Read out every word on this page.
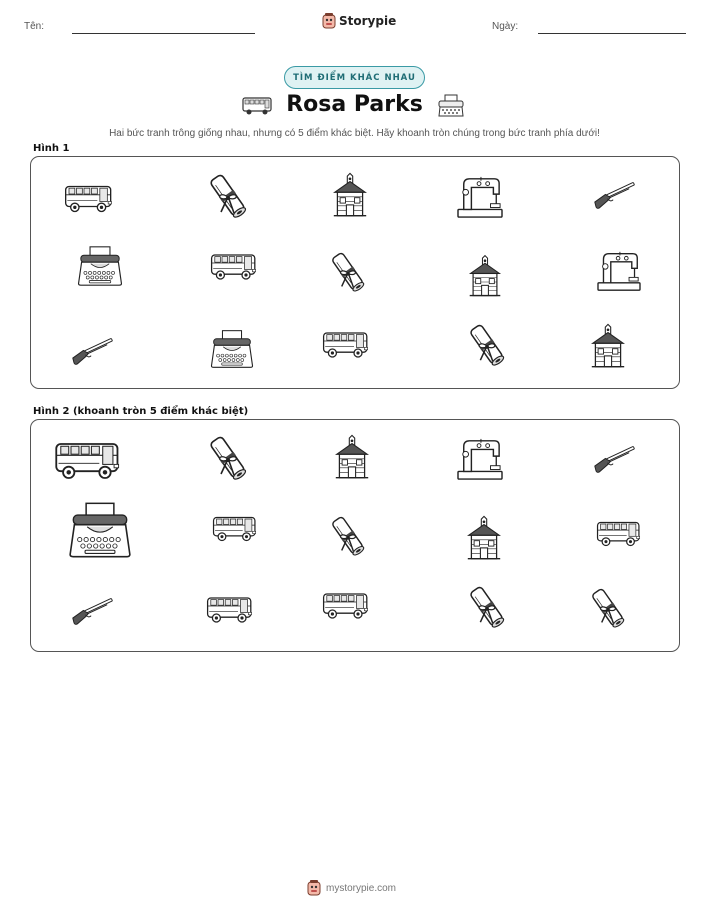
Tên:	Storypie	Ngày:
TÌM ĐIỂM KHÁC NHAU
Rosa Parks
Hai bức tranh trông giống nhau, nhưng có 5 điểm khác biệt. Hãy khoanh tròn chúng trong bức tranh phía dưới!
Hình 1
Hình 2 (khoanh tròn 5 điểm khác biệt)
mystorypie.com
